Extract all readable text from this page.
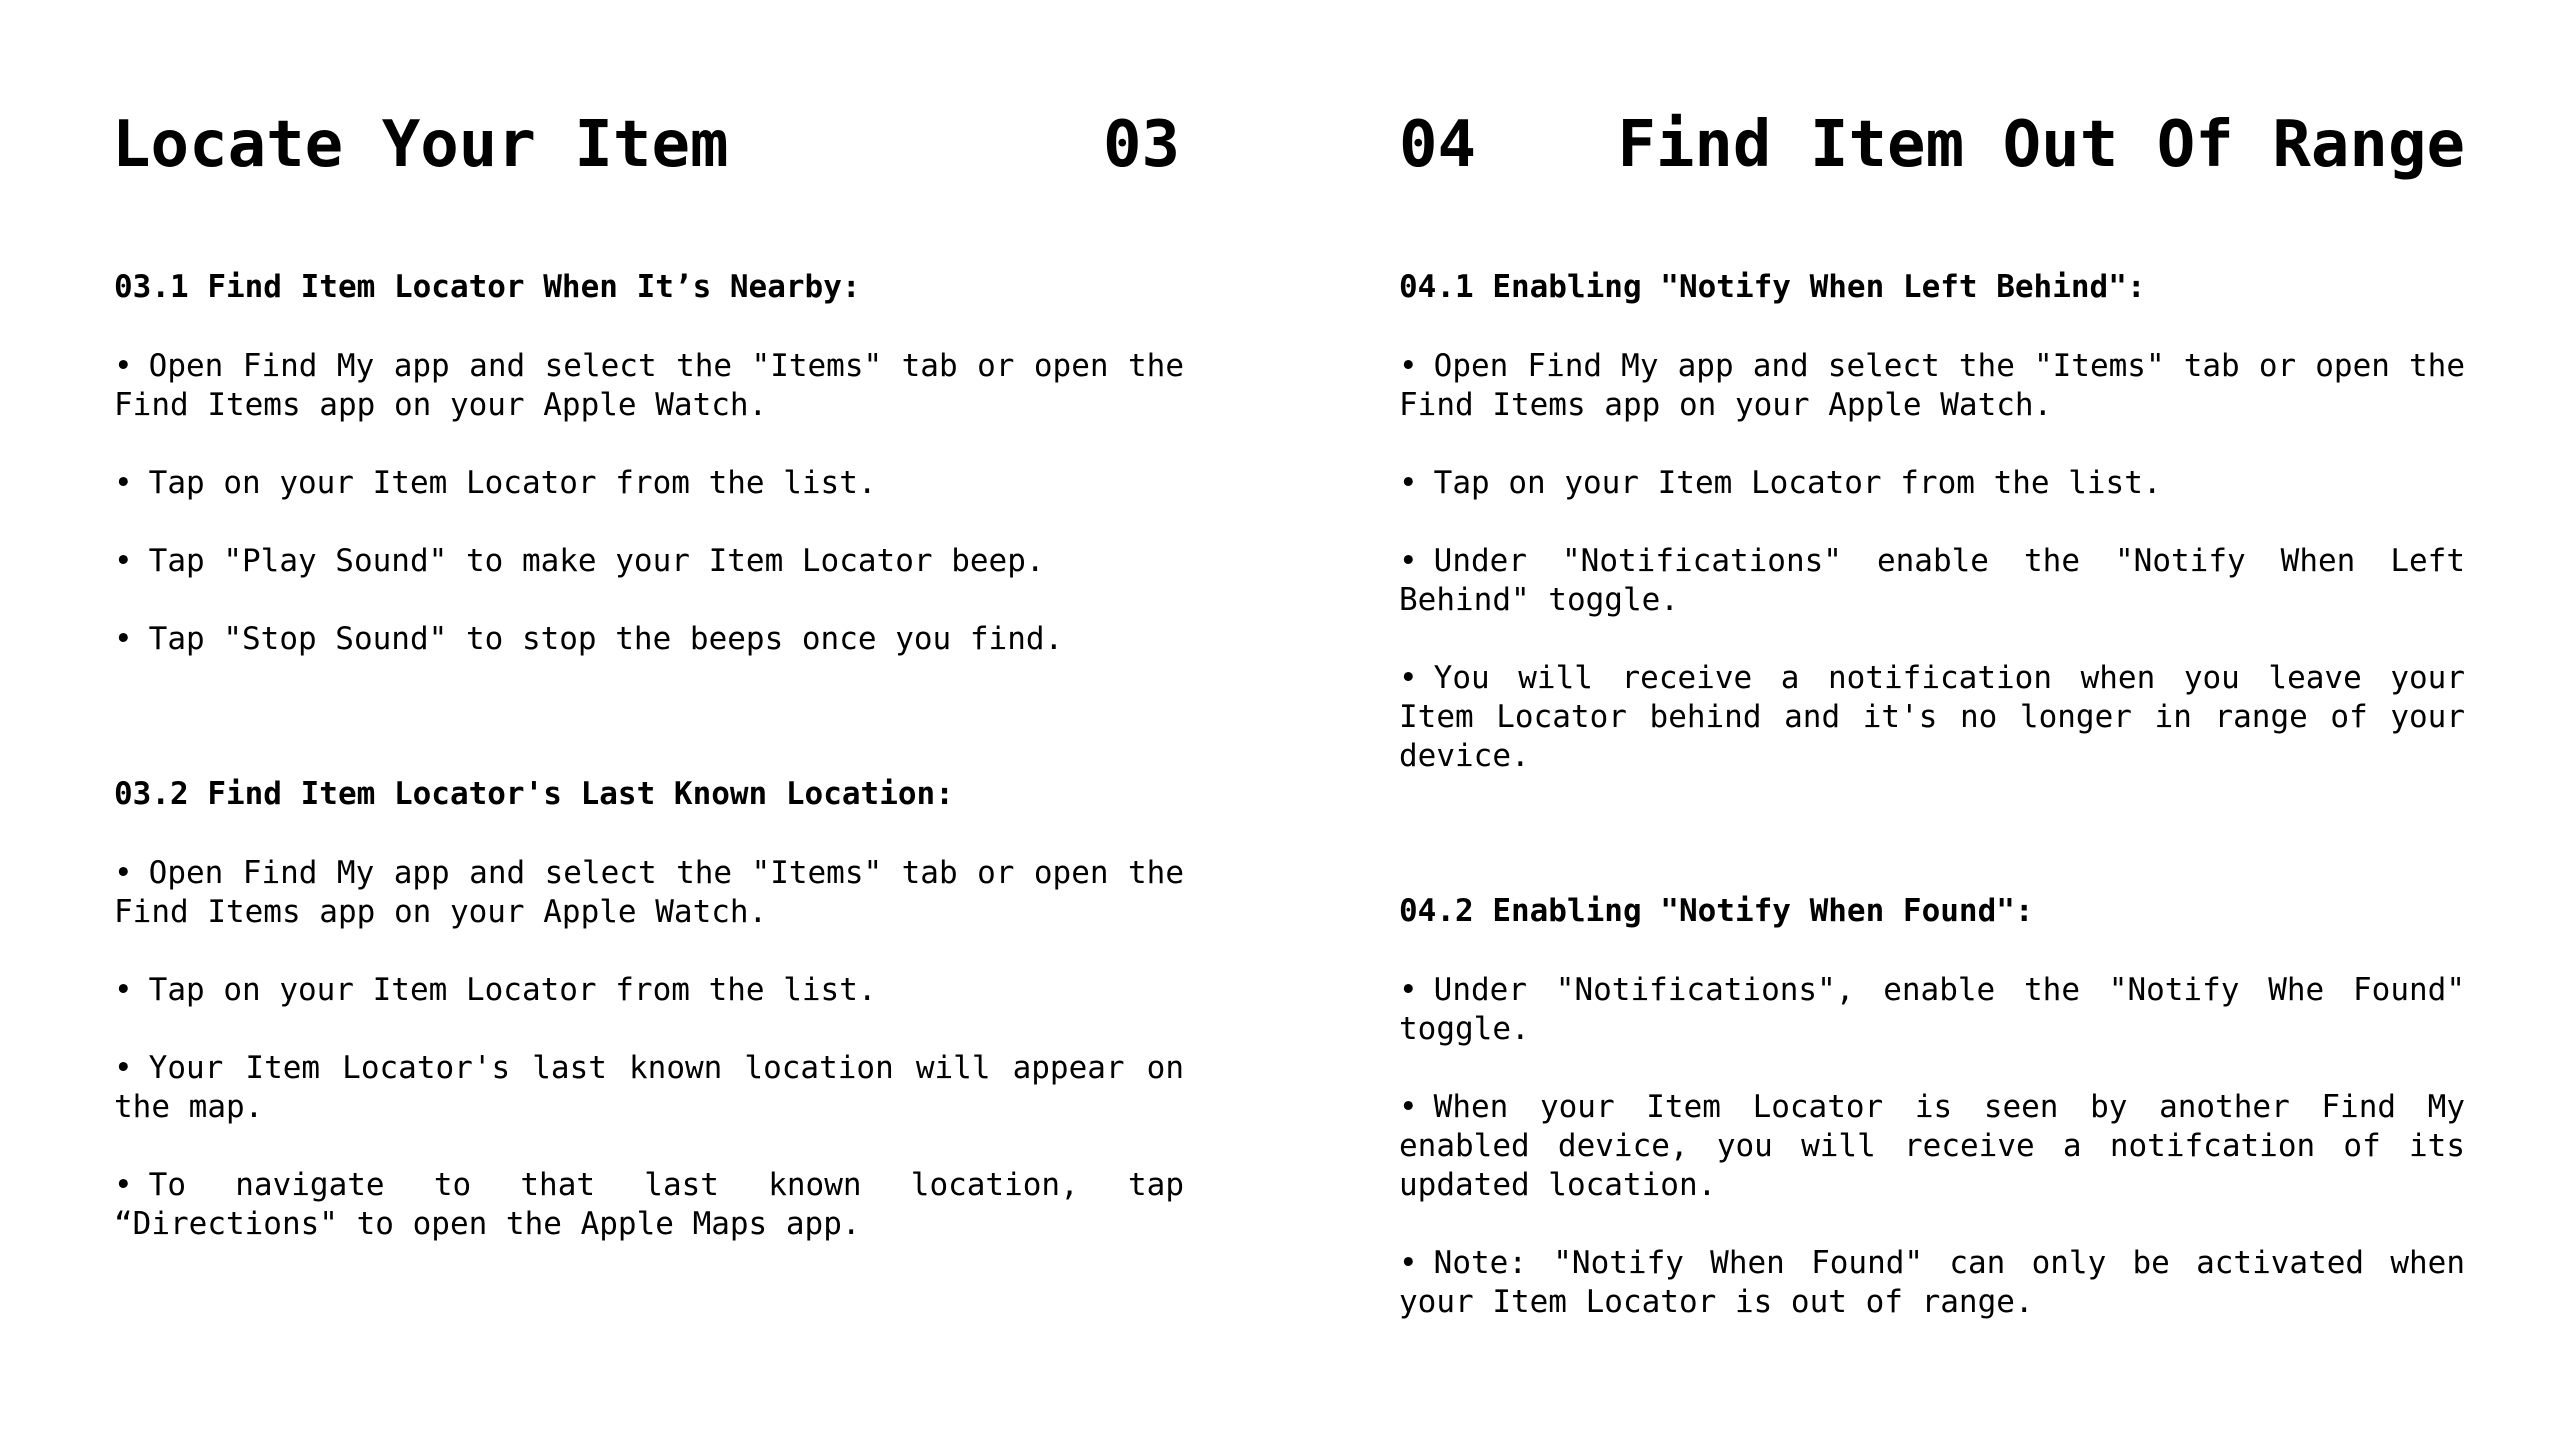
Locate Your Item	03
03.1 Find Item Locator When It’s Nearby:
• Open Find My app and select the "Items" tab or open the Find Items app on your Apple Watch.
• Tap on your Item Locator from the list.
• Tap "Play Sound" to make your Item Locator beep.
• Tap "Stop Sound" to stop the beeps once you find.
03.2 Find Item Locator's Last Known Location:
• Open Find My app and select the "Items" tab or open the Find Items app on your Apple Watch.
• Tap on your Item Locator from the list.
• Your Item Locator's last known location will appear on the map.
• To navigate to that last known location, tap “Directions" to open the Apple Maps app.
04 Find Item Out Of Range
04.1 Enabling "Notify When Left Behind":
• Open Find My app and select the "Items" tab or open the Find Items app on your Apple Watch.
• Tap on your Item Locator from the list.
• Under "Notifications" enable the "Notify When Left Behind" toggle.
• You will receive a notification when you leave your Item Locator behind and it's no longer in range of your device.
04.2 Enabling "Notify When Found":
• Under "Notifications", enable the "Notify Whe Found" toggle.
• When your Item Locator is seen by another Find My enabled device, you will receive a notifcation of its updated location.
• Note: "Notify When Found" can only be activated when your Item Locator is out of range.
